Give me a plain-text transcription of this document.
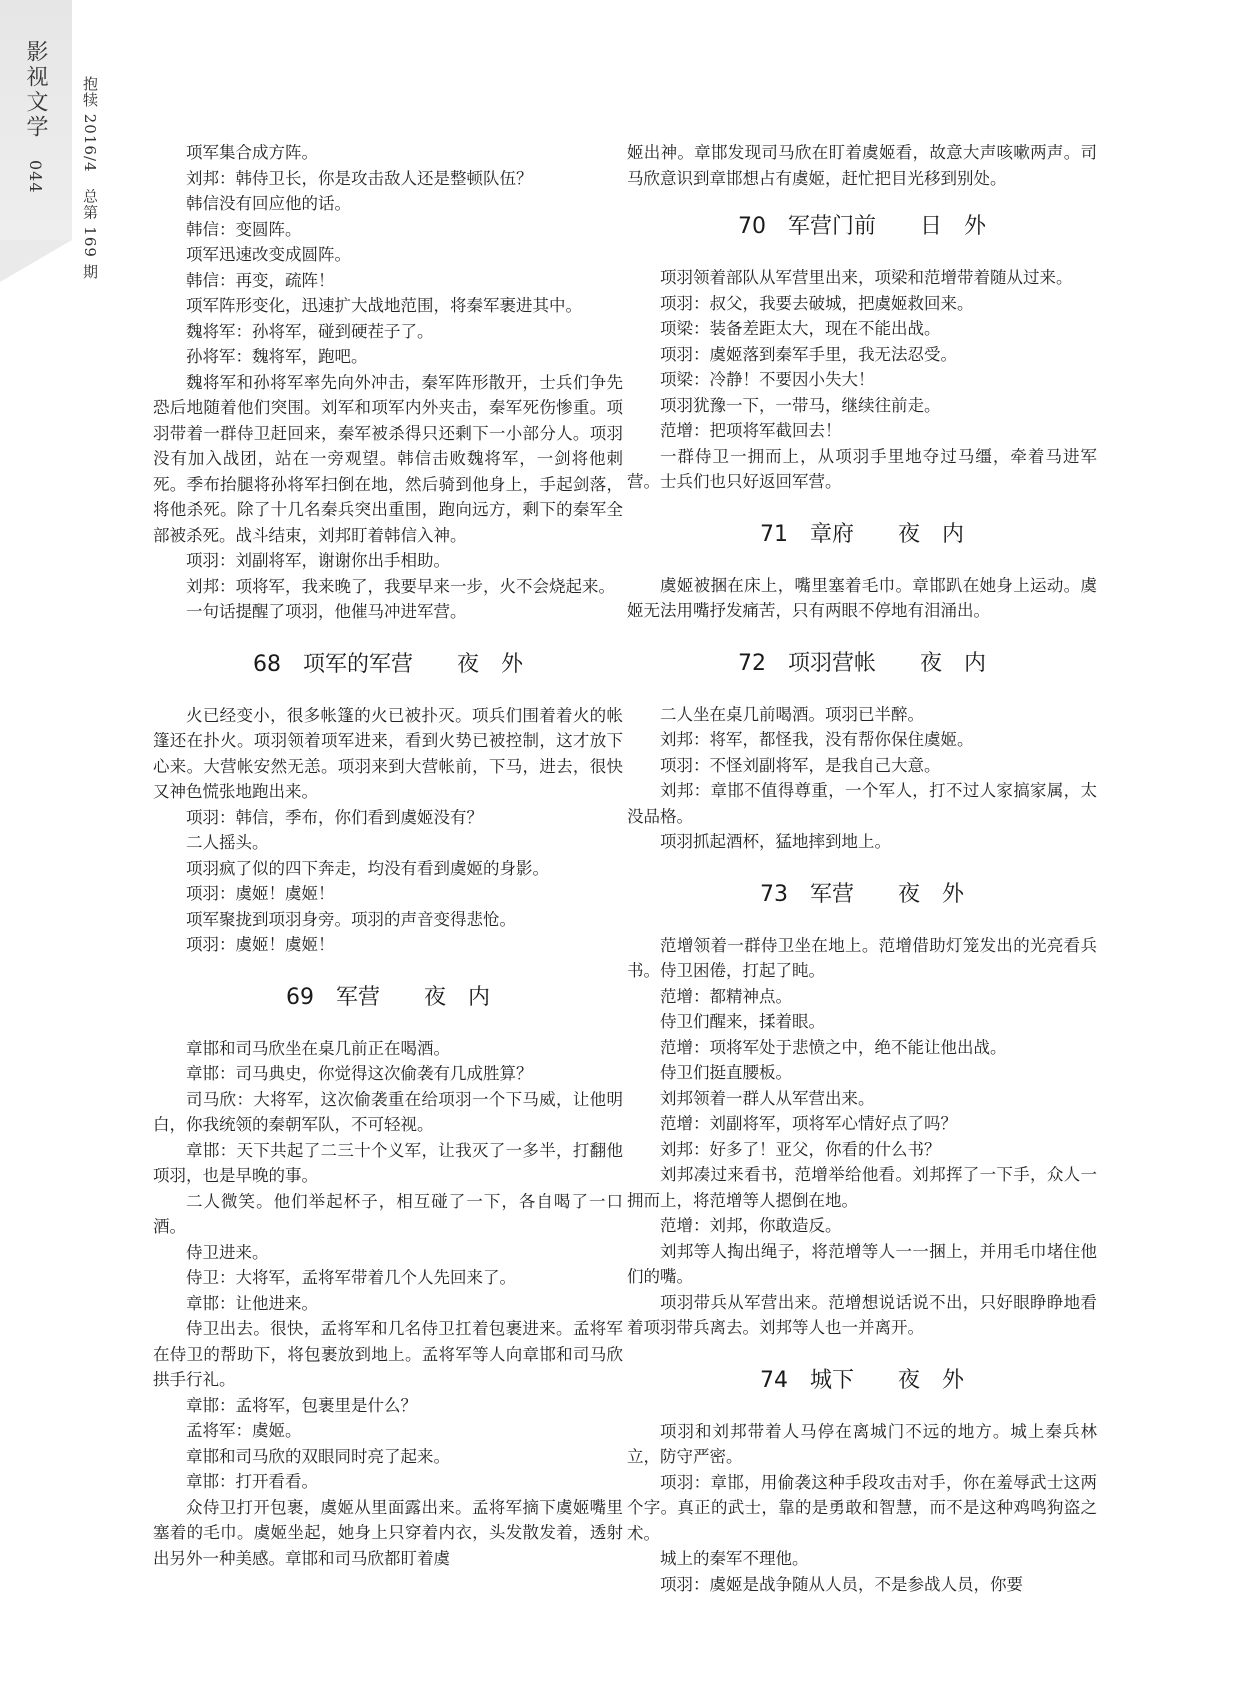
影视文学
044 抱犊 2016/4　总第 169 期	项军集合成方阵。

刘邦：韩侍卫长，你是攻击敌人还是整顿队伍？

韩信没有回应他的话。

韩信：变圆阵。

项军迅速改变成圆阵。

韩信：再变，疏阵！

项军阵形变化，迅速扩大战地范围，将秦军裹进其中。

魏将军：孙将军，碰到硬茬子了。

孙将军：魏将军，跑吧。

魏将军和孙将军率先向外冲击，秦军阵形散开，士兵们争先恐后地随着他们突围。刘军和项军内外夹击，秦军死伤惨重。项羽带着一群侍卫赶回来，秦军被杀得只还剩下一小部分人。项羽没有加入战团，站在一旁观望。韩信击败魏将军，一剑将他刺死。季布抬腿将孙将军扫倒在地，然后骑到他身上，手起剑落，将他杀死。除了十几名秦兵突出重围，跑向远方，剩下的秦军全部被杀死。战斗结束，刘邦盯着韩信入神。

项羽：刘副将军，谢谢你出手相助。

刘邦：项将军，我来晚了，我要早来一步，火不会烧起来。

一句话提醒了项羽，他催马冲进军营。

68　项军的军营　　夜　外

火已经变小，很多帐篷的火已被扑灭。项兵们围着着火的帐篷还在扑火。项羽领着项军进来，看到火势已被控制，这才放下心来。大营帐安然无恙。项羽来到大营帐前，下马，进去，很快又神色慌张地跑出来。

项羽：韩信，季布，你们看到虞姬没有？

二人摇头。

项羽疯了似的四下奔走，均没有看到虞姬的身影。

项羽：虞姬！虞姬！

项军聚拢到项羽身旁。项羽的声音变得悲怆。

项羽：虞姬！虞姬！

69　军营　　夜　内

章邯和司马欣坐在桌几前正在喝酒。

章邯：司马典史，你觉得这次偷袭有几成胜算？

司马欣：大将军，这次偷袭重在给项羽一个下马威，让他明白，你我统领的秦朝军队，不可轻视。

章邯：天下共起了二三十个义军，让我灭了一多半，打翻他项羽，也是早晚的事。

二人微笑。他们举起杯子，相互碰了一下，各自喝了一口酒。

侍卫进来。

侍卫：大将军，孟将军带着几个人先回来了。

章邯：让他进来。

侍卫出去。很快，孟将军和几名侍卫扛着包裹进来。孟将军在侍卫的帮助下，将包裹放到地上。孟将军等人向章邯和司马欣拱手行礼。

章邯：孟将军，包裹里是什么？

孟将军：虞姬。

章邯和司马欣的双眼同时亮了起来。

章邯：打开看看。

众侍卫打开包裹，虞姬从里面露出来。孟将军摘下虞姬嘴里塞着的毛巾。虞姬坐起，她身上只穿着内衣，头发散发着，透射出另外一种美感。章邯和司马欣都盯着虞

姬出神。章邯发现司马欣在盯着虞姬看，故意大声咳嗽两声。司马欣意识到章邯想占有虞姬，赶忙把目光移到别处。

70　军营门前　　日　外

项羽领着部队从军营里出来，项梁和范增带着随从过来。

项羽：叔父，我要去破城，把虞姬救回来。

项梁：装备差距太大，现在不能出战。

项羽：虞姬落到秦军手里，我无法忍受。

项梁：冷静！不要因小失大！

项羽犹豫一下，一带马，继续往前走。

范增：把项将军截回去！

一群侍卫一拥而上，从项羽手里地夺过马缰，牵着马进军营。士兵们也只好返回军营。

71　章府　　夜　内

虞姬被捆在床上，嘴里塞着毛巾。章邯趴在她身上运动。虞姬无法用嘴抒发痛苦，只有两眼不停地有泪涌出。

72　项羽营帐　　夜　内

二人坐在桌几前喝酒。项羽已半醉。

刘邦：将军，都怪我，没有帮你保住虞姬。

项羽：不怪刘副将军，是我自己大意。

刘邦：章邯不值得尊重，一个军人，打不过人家搞家属，太没品格。

项羽抓起酒杯，猛地摔到地上。

73　军营　　夜　外

范增领着一群侍卫坐在地上。范增借助灯笼发出的光亮看兵书。侍卫困倦，打起了盹。

范增：都精神点。

侍卫们醒来，揉着眼。

范增：项将军处于悲愤之中，绝不能让他出战。

侍卫们挺直腰板。

刘邦领着一群人从军营出来。

范增：刘副将军，项将军心情好点了吗？

刘邦：好多了！亚父，你看的什么书？

刘邦凑过来看书，范增举给他看。刘邦挥了一下手，众人一拥而上，将范增等人摁倒在地。

范增：刘邦，你敢造反。

刘邦等人掏出绳子，将范增等人一一捆上，并用毛巾堵住他们的嘴。

项羽带兵从军营出来。范增想说话说不出，只好眼睁睁地看着项羽带兵离去。刘邦等人也一并离开。

74　城下　　夜　外

项羽和刘邦带着人马停在离城门不远的地方。城上秦兵林立，防守严密。

项羽：章邯，用偷袭这种手段攻击对手，你在羞辱武士这两个字。真正的武士，靠的是勇敢和智慧，而不是这种鸡鸣狗盗之术。

城上的秦军不理他。

项羽：虞姬是战争随从人员，不是参战人员，你要
